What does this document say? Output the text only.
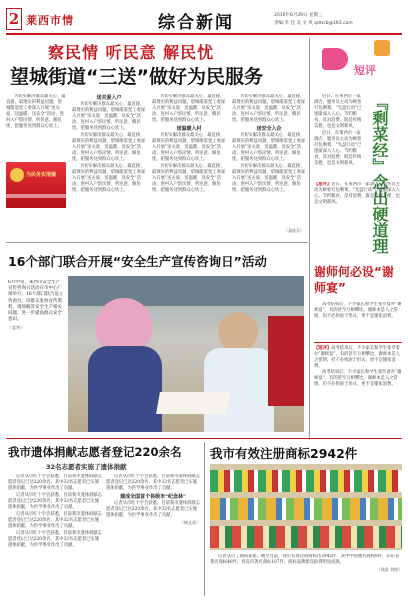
2 莱西市情	综合新闻	2016年6月29日 星期三
责编:李 佳 美 文 风 qdlxrb@163.com
察民情 听民意 解民忧
望城街道“三送”做好为民服务
为民务实清廉

为切实解决群众最关心、最直接、最现实的利益问题，望城街道党工委深入开展“送关爱、送温暖、送安全”活动，进村入户察民情、听民意、解民忧，把服务送到群众心坎上。

送关爱入户

为切实解决群众最关心、最直接、最现实的利益问题，望城街道党工委深入开展“送关爱、送温暖、送安全”活动，进村入户察民情、听民意、解民忧，把服务送到群众心坎上。

为切实解决群众最关心、最直接、最现实的利益问题，望城街道党工委深入开展“送关爱、送温暖、送安全”活动，进村入户察民情、听民意、解民忧，把服务送到群众心坎上。

为切实解决群众最关心、最直接、最现实的利益问题，望城街道党工委深入开展“送关爱、送温暖、送安全”活动，进村入户察民情、听民意、解民忧，把服务送到群众心坎上。

为切实解决群众最关心、最直接、最现实的利益问题，望城街道党工委深入开展“送关爱、送温暖、送安全”活动，进村入户察民情、听民意、解民忧，把服务送到群众心坎上。

送温暖入村

为切实解决群众最关心、最直接、最现实的利益问题，望城街道党工委深入开展“送关爱、送温暖、送安全”活动，进村入户察民情、听民意、解民忧，把服务送到群众心坎上。

为切实解决群众最关心、最直接、最现实的利益问题，望城街道党工委深入开展“送关爱、送温暖、送安全”活动，进村入户察民情、听民意、解民忧，把服务送到群众心坎上。

为切实解决群众最关心、最直接、最现实的利益问题，望城街道党工委深入开展“送关爱、送温暖、送安全”活动，进村入户察民情、听民意、解民忧，把服务送到群众心坎上。

送安全入企

为切实解决群众最关心、最直接、最现实的利益问题，望城街道党工委深入开展“送关爱、送温暖、送安全”活动，进村入户察民情、听民意、解民忧，把服务送到群众心坎上。

为切实解决群众最关心、最直接、最现实的利益问题，望城街道党工委深入开展“送关爱、送温暖、送安全”活动，进村入户察民情、听民意、解民忧，把服务送到群众心坎上。

（姜桂芬）
短评

近日，在莱西市一家酒店，服务员主动为顾客打包剩菜，“光盘行动”已逐渐深入人心。节约粮食、反对浪费，既是传统美德，也是文明新风。

近日，在莱西市一家酒店，服务员主动为顾客打包剩菜，“光盘行动”已逐渐深入人心。节约粮食、反对浪费，既是传统美德，也是文明新风。 『剩菜经』念出硬道理
【短评】近日，在莱西市一家酒店，服务员主动为顾客打包剩菜，“光盘行动”已逐渐深入人心。节约粮食、反对浪费，既是传统美德，也是文明新风。
16个部门联合开展“安全生产宣传咨询日”活动
6月中旬，莱西市安全生产宣传咨询日活动在市中心广场举行。16个部门联合设立咨询台，向群众发放宣传资料，现场解答安全生产相关问题，进一步提高群众安全意识。
（姜华）
谢师何必设“谢师宴”

高考结束后，不少家长和学生张罗着办“谢师宴”，有的甚至互相攀比。谢师本是人之常情，但不必拘泥于形式，更不宜铺张浪费。

【短评】高考结束后，不少家长和学生张罗着办“谢师宴”，有的甚至互相攀比。谢师本是人之常情，但不必拘泥于形式，更不宜铺张浪费。

高考结束后，不少家长和学生张罗着办“谢师宴”，有的甚至互相攀比。谢师本是人之常情，但不必拘泥于形式，更不宜铺张浪费。

我市遗体捐献志愿者登记220余名
32名志愿者实施了遗体捐献

记者从市红十字会获悉，目前我市遗体捐献志愿者登记已达220余名，其中32名志愿者已实施遗体捐献，为医学事业作出了贡献。

记者从市红十字会获悉，目前我市遗体捐献志愿者登记已达220余名，其中32名志愿者已实施遗体捐献，为医学事业作出了贡献。

记者从市红十字会获悉，目前我市遗体捐献志愿者登记已达220余名，其中32名志愿者已实施遗体捐献，为医学事业作出了贡献。

记者从市红十字会获悉，目前我市遗体捐献志愿者登记已达220余名，其中32名志愿者已实施遗体捐献，为医学事业作出了贡献。

记者从市红十字会获悉，目前我市遗体捐献志愿者登记已达220余名，其中32名志愿者已实施遗体捐献，为医学事业作出了贡献。

建成全国首个县级市“纪念林”

记者从市红十字会获悉，目前我市遗体捐献志愿者登记已达220余名，其中32名志愿者已实施遗体捐献，为医学事业作出了贡献。

（杨文英）
我市有效注册商标2942件

记者从市工商局获悉，截至目前，我市有效注册商标达2942件，其中中国驰名商标8件，山东省著名商标40件，青岛市著名商标107件，商标品牌建设取得明显成效。

（钱雷 刘铭）
